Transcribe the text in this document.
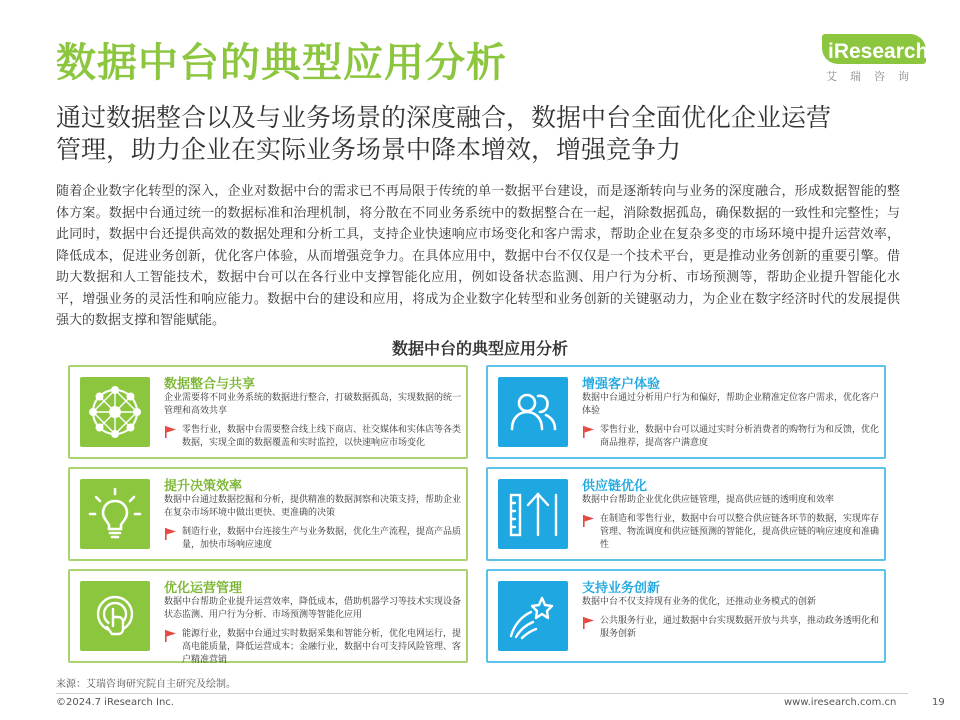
数据中台的典型应用分析	iResearch
艾瑞咨询
通过数据整合以及与业务场景的深度融合，数据中台全面优化企业运营
管理，助力企业在实际业务场景中降本增效，增强竞争力
随着企业数字化转型的深入，企业对数据中台的需求已不再局限于传统的单一数据平台建设，而是逐渐转向与业务的深度融合，形成数据智能的整体方案。数据中台通过统一的数据标准和治理机制，将分散在不同业务系统中的数据整合在一起，消除数据孤岛，确保数据的一致性和完整性；与此同时，数据中台还提供高效的数据处理和分析工具，支持企业快速响应市场变化和客户需求，帮助企业在复杂多变的市场环境中提升运营效率，降低成本，促进业务创新，优化客户体验，从而增强竞争力。在具体应用中，数据中台不仅仅是一个技术平台，更是推动业务创新的重要引擎。借助大数据和人工智能技术，数据中台可以在各行业中支撑智能化应用，例如设备状态监测、用户行为分析、市场预测等，帮助企业提升智能化水平，增强业务的灵活性和响应能力。数据中台的建设和应用，将成为企业数字化转型和业务创新的关键驱动力，为企业在数字经济时代的发展提供强大的数据支撑和智能赋能。
数据中台的典型应用分析
数据整合与共享
企业需要将不同业务系统的数据进行整合，打破数据孤岛，实现数据的统一管理和高效共享
零售行业，数据中台需要整合线上线下商店、社交媒体和实体店等各类数据，实现全面的数据覆盖和实时监控，以快速响应市场变化
增强客户体验
数据中台通过分析用户行为和偏好，帮助企业精准定位客户需求，优化客户体验
零售行业，数据中台可以通过实时分析消费者的购物行为和反馈，优化商品推荐，提高客户满意度
提升决策效率
数据中台通过数据挖掘和分析，提供精准的数据洞察和决策支持，帮助企业在复杂市场环境中做出更快、更准确的决策
制造行业，数据中台连接生产与业务数据，优化生产流程，提高产品质量，加快市场响应速度
供应链优化
数据中台帮助企业优化供应链管理，提高供应链的透明度和效率
在制造和零售行业，数据中台可以整合供应链各环节的数据，实现库存管理、物流调度和供应链预测的智能化，提高供应链的响应速度和准确性
优化运营管理
数据中台帮助企业提升运营效率，降低成本，借助机器学习等技术实现设备状态监测、用户行为分析、市场预测等智能化应用
能源行业，数据中台通过实时数据采集和智能分析，优化电网运行，提高电能质量，降低运营成本；金融行业，数据中台可支持风险管理、客户精准营销
支持业务创新
数据中台不仅支持现有业务的优化，还推动业务模式的创新
公共服务行业，通过数据中台实现数据开放与共享，推动政务透明化和服务创新
来源：艾瑞咨询研究院自主研究及绘制。
©2024.7 iResearch Inc.	www.iresearch.com.cn	19
